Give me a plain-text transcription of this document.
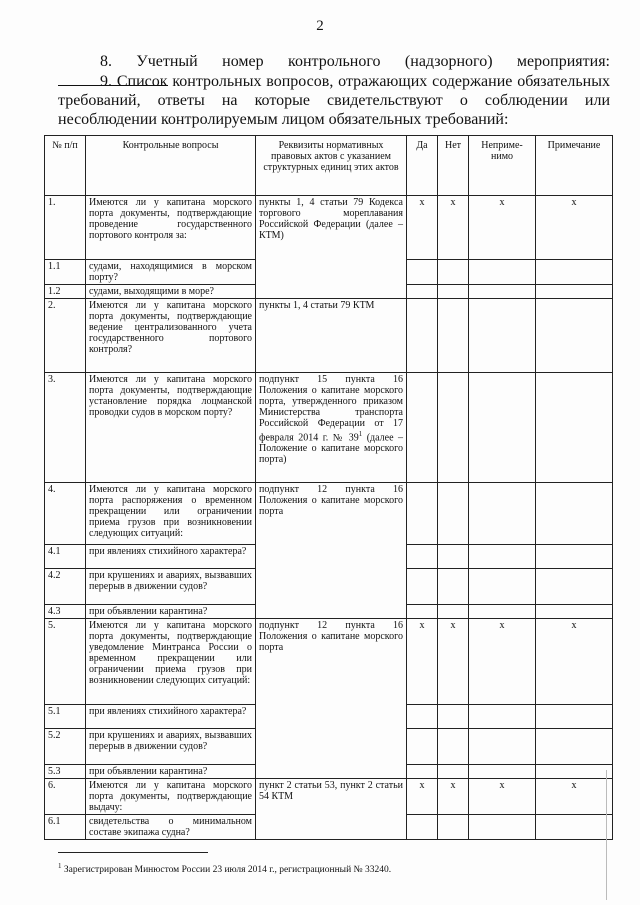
2
8. Учетный номер контрольного (надзорного) мероприятия:
9. Список контрольных вопросов, отражающих содержание обязательных
требований, ответы на которые свидетельствуют о соблюдении или
несоблюдении контролируемым лицом обязательных требований:
№ п/п	Контрольные вопросы	Реквизиты нормативных правовых актов с указанием структурных единиц этих актов	Да	Нет	Неприме-нимо	Примечание
1.	Имеются ли у капитана морского порта документы, подтверждающие проведение государственного портового контроля за:	пункты 1, 4 статьи 79 Кодекса торгового мореплавания Российской Федерации (далее – КТМ)	x	x	x	x
1.1	судами, находящимися в морском порту?					
1.2	судами, выходящими в море?					
2.	Имеются ли у капитана морского порта документы, подтверждающие ведение централизованного учета государственного портового контроля?	пункты 1, 4 статьи 79 КТМ				
3.	Имеются ли у капитана морского порта документы, подтверждающие установление порядка лоцманской проводки судов в морском порту?	подпункт 15 пункта 16 Положения о капитане морского порта, утвержденного приказом Министерства транспорта Российской Федерации от 17 февраля 2014 г. № $39^1$ (далее – Положение о капитане морского порта)				
4.	Имеются ли у капитана морского порта распоряжения о временном прекращении или ограничении приема грузов при возникновении следующих ситуаций:	подпункт 12 пункта 16 Положения о капитане морского порта				
4.1	при явлениях стихийного характера?					
4.2	при крушениях и авариях, вызвавших перерыв в движении судов?					
4.3	при объявлении карантина?					
5.	Имеются ли у капитана морского порта документы, подтверждающие уведомление Минтранса России о временном прекращении или ограничении приема грузов при возникновении следующих ситуаций:	подпункт 12 пункта 16 Положения о капитане морского порта	x	x	x	x
5.1	при явлениях стихийного характера?					
5.2	при крушениях и авариях, вызвавших перерыв в движении судов?					
5.3	при объявлении карантина?					
6.	Имеются ли у капитана морского порта документы, подтверждающие выдачу:	пункт 2 статьи 53, пункт 2 статьи 54 КТМ	x	x	x	x
6.1	свидетельства о минимальном составе экипажа судна?					
$^1$ Зарегистрирован Минюстом России 23 июля 2014 г., регистрационный № 33240.
